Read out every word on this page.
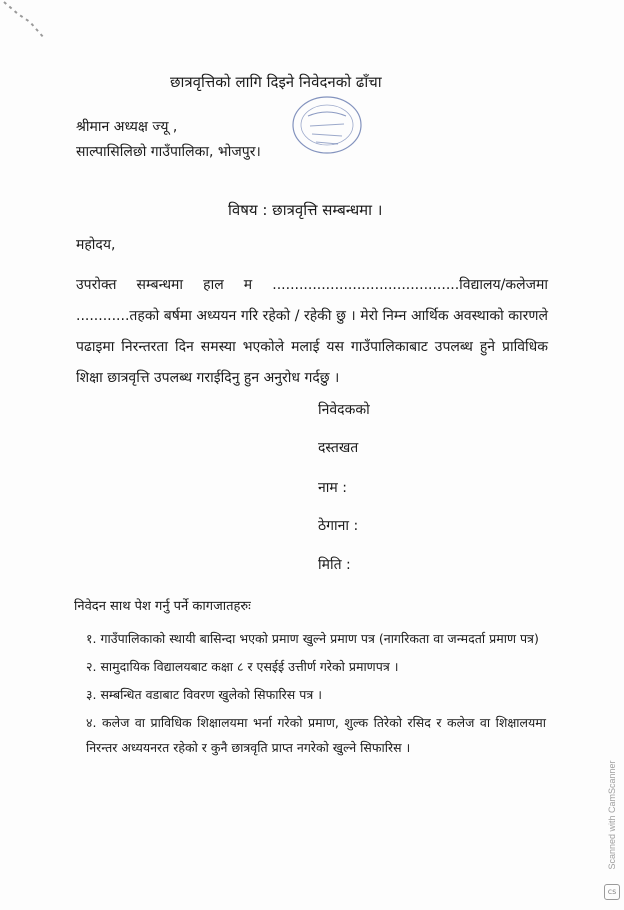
छात्रवृत्तिको लागि दिइने निवेदनको ढाँचा
श्रीमान अध्यक्ष ज्यू ,
साल्पासिलिछो गाउँपालिका, भोजपुर।
विषय : छात्रवृत्ति सम्बन्धमा ।
महोदय,
उपरोक्त सम्बन्धमा हाल म ..........................................विद्यालय/कलेजमा ............तहको बर्षमा अध्ययन गरि रहेको / रहेकी छु । मेरो निम्न आर्थिक अवस्थाको कारणले पढाइमा निरन्तरता दिन समस्या भएकोले मलाई यस गाउँपालिकाबाट उपलब्ध हुने प्राविधिक शिक्षा छात्रवृत्ति उपलब्ध गराईदिनु हुन अनुरोध गर्दछु ।
निवेदकको
दस्तखत
नाम :
ठेगाना :
मिति :
निवेदन साथ पेश गर्नु पर्ने कागजातहरुः
१. गाउँपालिकाको स्थायी बासिन्दा भएको प्रमाण खुल्ने प्रमाण पत्र (नागरिकता वा जन्मदर्ता प्रमाण पत्र)
२. सामुदायिक विद्यालयबाट कक्षा ८ र एसईई उत्तीर्ण गरेको प्रमाणपत्र ।
३. सम्बन्धित वडाबाट विवरण खुलेको सिफारिस पत्र ।
४. कलेज वा प्राविधिक शिक्षालयमा भर्ना गरेको प्रमाण, शुल्क तिरेको रसिद र कलेज वा शिक्षालयमा निरन्तर अध्ययनरत रहेको र कुनै छात्रवृति प्राप्त नगरेको खुल्ने सिफारिस ।
cs
Scanned with CamScanner
